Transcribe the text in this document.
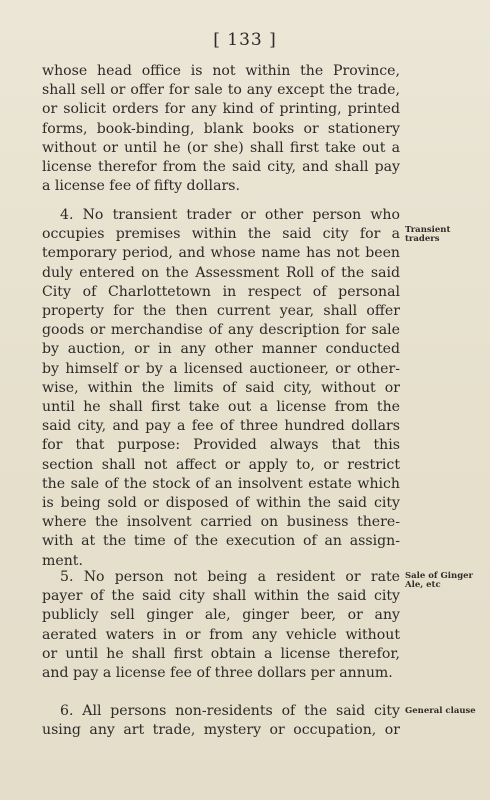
[ 133 ]
whose head office is not within the Province,
shall sell or offer for sale to any except the trade,
or solicit orders for any kind of printing, printed
forms, book-binding, blank books or stationery
without or until he (or she) shall first take out a
license therefor from the said city, and shall pay
a license fee of fifty dollars.
4. No transient trader or other person who
occupies premises within the said city for a
temporary period, and whose name has not been
duly entered on the Assessment Roll of the said
City of Charlottetown in respect of personal
property for the then current year, shall offer
goods or merchandise of any description for sale
by auction, or in any other manner conducted
by himself or by a licensed auctioneer, or other-
wise, within the limits of said city, without or
until he shall first take out a license from the
said city, and pay a fee of three hundred dollars
for that purpose: Provided always that this
section shall not affect or apply to, or restrict
the sale of the stock of an insolvent estate which
is being sold or disposed of within the said city
where the insolvent carried on business there-
with at the time of the execution of an assign-
ment.
5. No person not being a resident or rate
payer of the said city shall within the said city
publicly sell ginger ale, ginger beer, or any
aerated waters in or from any vehicle without
or until he shall first obtain a license therefor,
and pay a license fee of three dollars per annum.
6. All persons non-residents of the said city
using any art trade, mystery or occupation, or
Transient
traders
Sale of Ginger
Ale, etc
General clause
